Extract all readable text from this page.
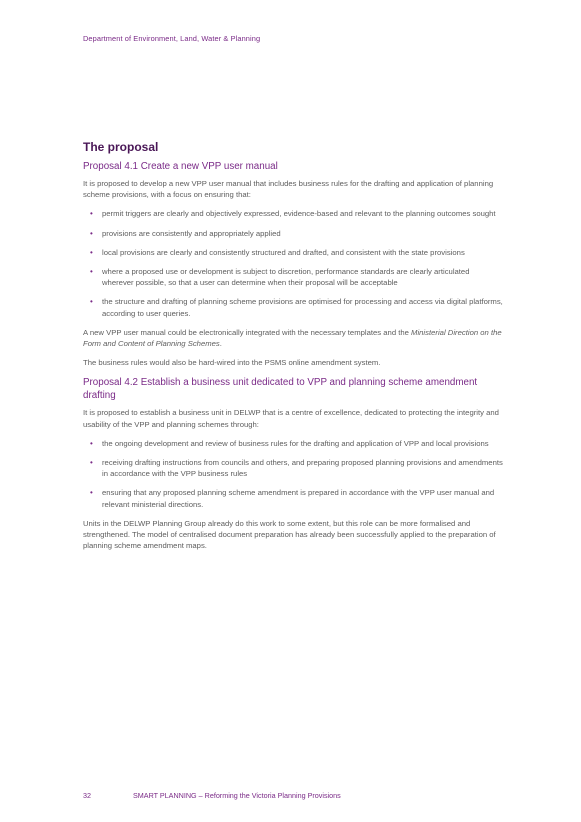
Department of Environment, Land, Water & Planning
The proposal
Proposal 4.1 Create a new VPP user manual

It is proposed to develop a new VPP user manual that includes business rules for the drafting and application of planning scheme provisions, with a focus on ensuring that:

• permit triggers are clearly and objectively expressed, evidence-based and relevant to the planning outcomes sought
• provisions are consistently and appropriately applied
• local provisions are clearly and consistently structured and drafted, and consistent with the state provisions
• where a proposed use or development is subject to discretion, performance standards are clearly articulated wherever possible, so that a user can determine when their proposal will be acceptable
• the structure and drafting of planning scheme provisions are optimised for processing and access via digital platforms, according to user queries.

A new VPP user manual could be electronically integrated with the necessary templates and the Ministerial Direction on the Form and Content of Planning Schemes.

The business rules would also be hard-wired into the PSMS online amendment system.

Proposal 4.2 Establish a business unit dedicated to VPP and planning scheme amendment drafting

It is proposed to establish a business unit in DELWP that is a centre of excellence, dedicated to protecting the integrity and usability of the VPP and planning schemes through:

• the ongoing development and review of business rules for the drafting and application of VPP and local provisions
• receiving drafting instructions from councils and others, and preparing proposed planning provisions and amendments in accordance with the VPP business rules
• ensuring that any proposed planning scheme amendment is prepared in accordance with the VPP user manual and relevant ministerial directions.

Units in the DELWP Planning Group already do this work to some extent, but this role can be more formalised and strengthened. The model of centralised document preparation has already been successfully applied to the preparation of planning scheme amendment maps.

32	SMART PLANNING – Reforming the Victoria Planning Provisions
